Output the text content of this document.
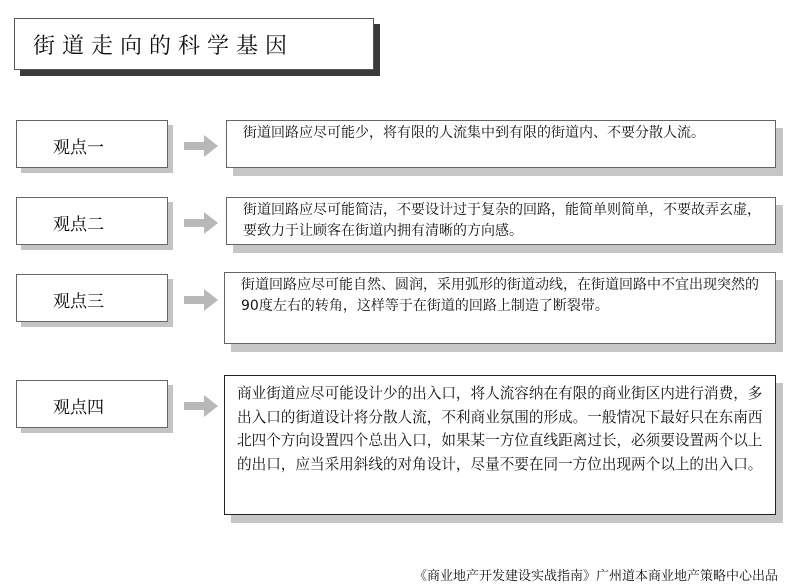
街道走向的科学基因
观点一
街道回路应尽可能少，将有限的人流集中到有限的街道内、不要分散人流。
观点二
街道回路应尽可能简洁，不要设计过于复杂的回路，能简单则简单，不要故弄玄虚，要致力于让顾客在街道内拥有清晰的方向感。
观点三
街道回路应尽可能自然、圆润，采用弧形的街道动线，在街道回路中不宜出现突然的90度左右的转角，这样等于在街道的回路上制造了断裂带。
观点四
商业街道应尽可能设计少的出入口，将人流容纳在有限的商业街区内进行消费，多出入口的街道设计将分散人流，不利商业氛围的形成。一般情况下最好只在东南西北四个方向设置四个总出入口，如果某一方位直线距离过长，必须要设置两个以上的出口，应当采用斜线的对角设计，尽量不要在同一方位出现两个以上的出入口。
《商业地产开发建设实战指南》广州道本商业地产策略中心出品
